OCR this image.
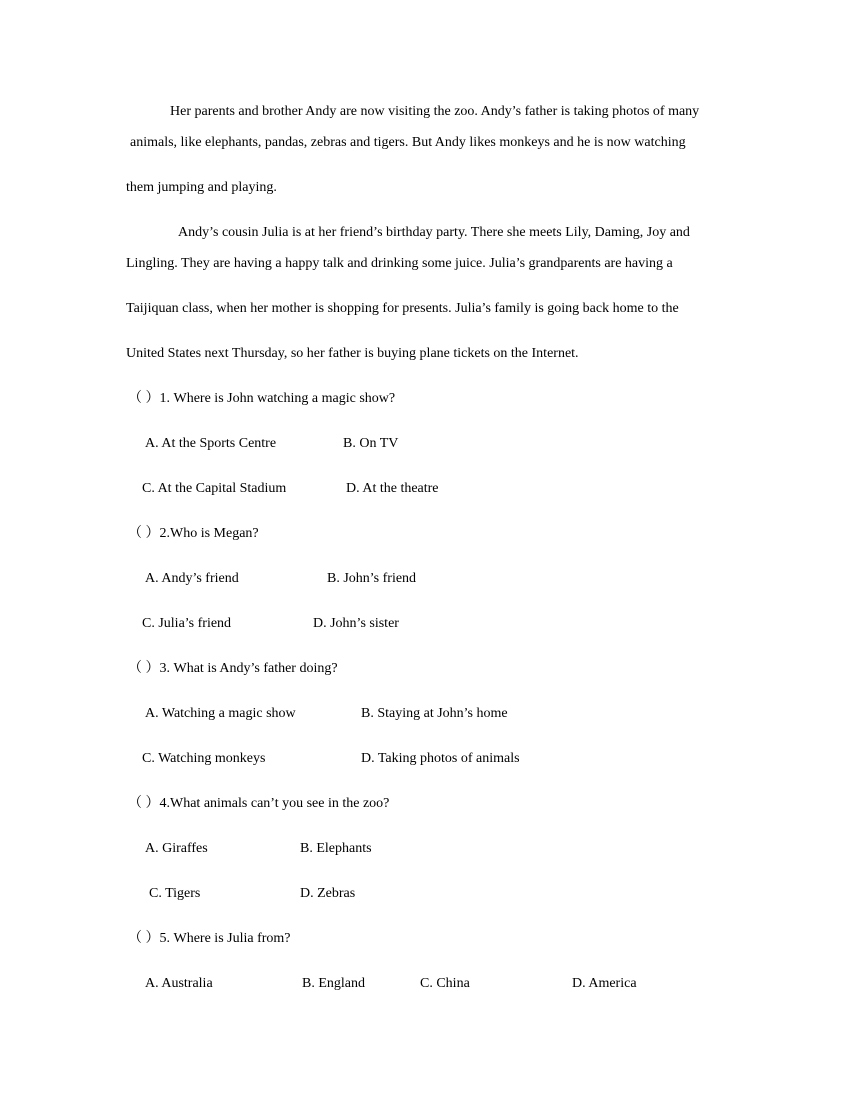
Her parents and brother Andy are now visiting the zoo. Andy’s father is taking photos of many
animals, like elephants, pandas, zebras and tigers. But Andy likes monkeys and he is now watching
them jumping and playing.
Andy’s cousin Julia is at her friend’s birthday party. There she meets Lily, Daming, Joy and
Lingling. They are having a happy talk and drinking some juice. Julia’s grandparents are having a
Taijiquan class, when her mother is shopping for presents. Julia’s family is going back home to the
United States next Thursday, so her father is buying plane tickets on the Internet.
（ ）1. Where is John watching a magic show?
A. At the Sports Centre	B. On TV
C. At the Capital Stadium	D. At the theatre
（ ）2.Who is Megan?
A. Andy’s friend	B. John’s friend
C. Julia’s friend	D. John’s sister
（ ）3. What is Andy’s father doing?
A. Watching a magic show	B. Staying at John’s home
C. Watching monkeys	D. Taking photos of animals
（ ）4.What animals can’t you see in the zoo?
A. Giraffes	B. Elephants
C. Tigers	D. Zebras
（ ）5. Where is Julia from?
A. Australia	B. England	C. China	D. America
